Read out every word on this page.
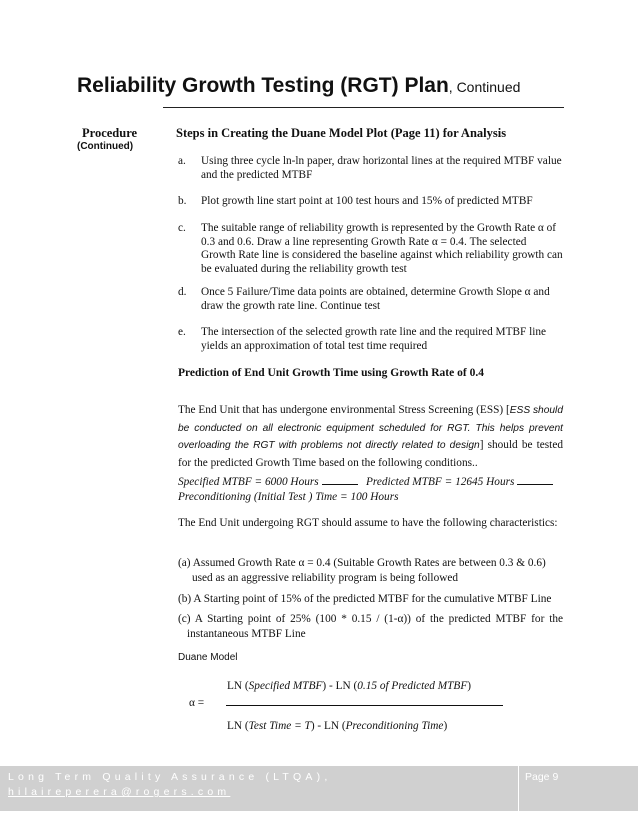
Reliability Growth Testing (RGT) Plan, Continued
Procedure
(Continued)
Steps in Creating the Duane Model Plot (Page 11) for Analysis
a. Using three cycle ln-ln paper, draw horizontal lines at the required MTBF value and the predicted MTBF
b. Plot growth line start point at 100 test hours and 15% of predicted MTBF
c. The suitable range of reliability growth is represented by the Growth Rate α of 0.3 and 0.6. Draw a line representing Growth Rate α = 0.4. The selected Growth Rate line is considered the baseline against which reliability growth can be evaluated during the reliability growth test
d. Once 5 Failure/Time data points are obtained, determine Growth Slope α and draw the growth rate line. Continue test
e. The intersection of the selected growth rate line and the required MTBF line yields an approximation of total test time required
Prediction of End Unit Growth Time using Growth Rate of 0.4
The End Unit that has undergone environmental Stress Screening (ESS) [ESS should be conducted on all electronic equipment scheduled for RGT. This helps prevent overloading the RGT with problems not directly related to design] should be tested for the predicted Growth Time based on the following conditions..
Specified MTBF = 6000 Hours	Predicted MTBF = 12645 Hours
Preconditioning (Initial Test ) Time = 100 Hours
The End Unit undergoing RGT should assume to have the following characteristics:
(a) Assumed Growth Rate α = 0.4 (Suitable Growth Rates are between 0.3 & 0.6)
used as an aggressive reliability program is being followed
(b) A Starting point of 15% of the predicted MTBF for the cumulative MTBF Line
(c) A Starting point of 25% (100 * 0.15 / (1-α)) of the predicted MTBF for the
instantaneous MTBF Line
Duane Model
LN (Specified MTBF) - LN (0.15 of Predicted MTBF)
α =
LN (Test Time = T) - LN (Preconditioning Time)
Long Term Quality Assurance (LTQA),
hilaireperera@rogers.com
Page 9
